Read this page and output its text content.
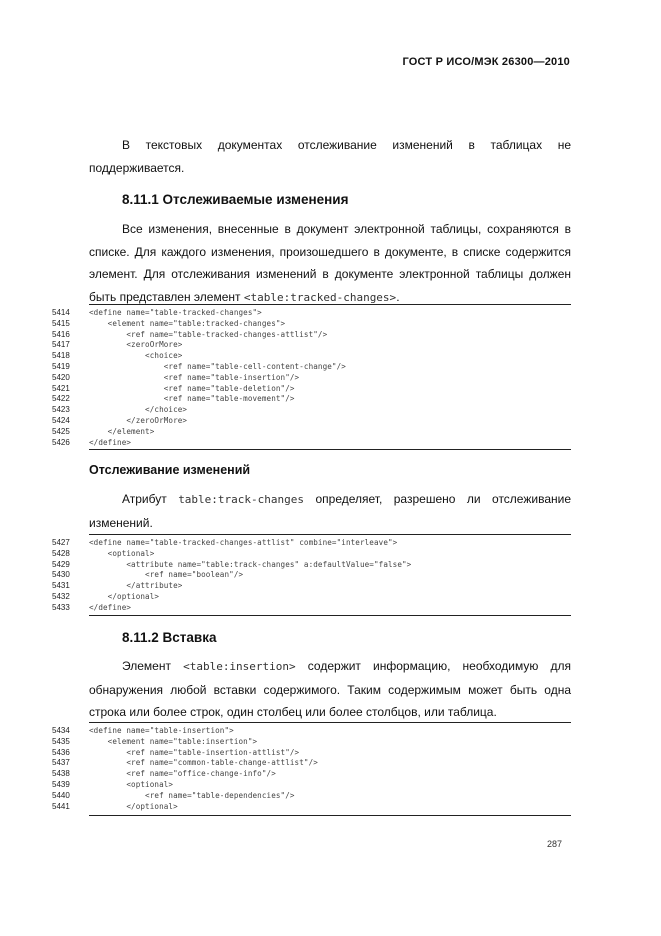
ГОСТ Р ИСО/МЭК 26300—2010
В текстовых документах отслеживание изменений в таблицах не поддерживается.
8.11.1 Отслеживаемые изменения
Все изменения, внесенные в документ электронной таблицы, сохраняются в списке. Для каждого изменения, произошедшего в документе, в списке содержится элемент. Для отслеживания изменений в документе электронной таблицы должен быть представлен элемент <table:tracked-changes>.
5414	<define name="table-tracked-changes">
5415	<element name="table:tracked-changes">
5416	<ref name="table-tracked-changes-attlist"/>
5417	<zeroOrMore>
5418	<choice>
5419	<ref name="table-cell-content-change"/>
5420	<ref name="table-insertion"/>
5421	<ref name="table-deletion"/>
5422	<ref name="table-movement"/>
5423	</choice>
5424	</zeroOrMore>
5425	</element>
5426	</define>
Отслеживание изменений
Атрибут table:track-changes определяет, разрешено ли отслеживание изменений.
5427	<define name="table-tracked-changes-attlist" combine="interleave">
5428	<optional>
5429	<attribute name="table:track-changes" a:defaultValue="false">
5430	<ref name="boolean"/>
5431	</attribute>
5432	</optional>
5433	</define>
8.11.2 Вставка
Элемент <table:insertion> содержит информацию, необходимую для обнаружения любой вставки содержимого. Таким содержимым может быть одна строка или более строк, один столбец или более столбцов, или таблица.
5434	<define name="table-insertion">
5435	<element name="table:insertion">
5436	<ref name="table-insertion-attlist"/>
5437	<ref name="common-table-change-attlist"/>
5438	<ref name="office-change-info"/>
5439	<optional>
5440	<ref name="table-dependencies"/>
5441	</optional>
287
